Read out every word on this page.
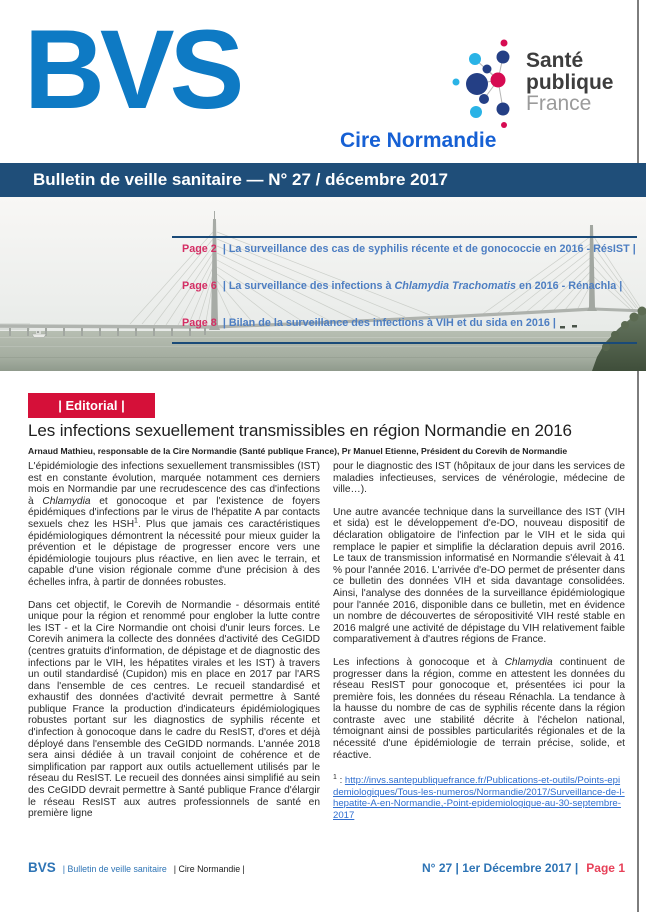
BVS	Santé
publique
France
Cire Normandie
Bulletin de veille sanitaire — N° 27 / décembre 2017
Page 2 | La surveillance des cas de syphilis récente et de gonococcie en 2016 - RésIST |
Page 6 | La surveillance des infections à Chlamydia Trachomatis en 2016 - Rénachla |
Page 8 | Bilan de la surveillance des infections à VIH et du sida en 2016 |
| Editorial |
Les infections sexuellement transmissibles en région Normandie en 2016
Arnaud Mathieu, responsable de la Cire Normandie (Santé publique France), Pr Manuel Etienne, Président du Corevih de Normandie

L'épidémiologie des infections sexuellement transmissibles (IST) est en constante évolution, marquée notamment ces derniers mois en Normandie par une recrudescence des cas d'infections à Chlamydia et gonocoque et par l'existence de foyers épidémiques d'infections par le virus de l'hépatite A par contacts sexuels chez les HSH$^1$. Plus que jamais ces caractéristiques épidémiologiques démontrent la nécessité pour mieux guider la prévention et le dépistage de progresser encore vers une épidémiologie toujours plus réactive, en lien avec le terrain, et capable d'une vision régionale comme d'une précision à des échelles infra, à partir de données robustes.

Dans cet objectif, le Corevih de Normandie - désormais entité unique pour la région et renommé pour englober la lutte contre les IST - et la Cire Normandie ont choisi d'unir leurs forces. Le Corevih animera la collecte des données d'activité des CeGIDD (centres gratuits d'information, de dépistage et de diagnostic des infections par le VIH, les hépatites virales et les IST) à travers un outil standardisé (Cupidon) mis en place en 2017 par l'ARS dans l'ensemble de ces centres. Le recueil standardisé et exhaustif des données d'activité devrait permettre à Santé publique France la production d'indicateurs épidémiologiques robustes portant sur les diagnostics de syphilis récente et d'infection à gonocoque dans le cadre du ResIST, d'ores et déjà déployé dans l'ensemble des CeGIDD normands. L'année 2018 sera ainsi dédiée à un travail conjoint de cohérence et de simplification par rapport aux outils actuellement utilisés par le réseau du ResIST. Le recueil des données ainsi simplifié au sein des CeGIDD devrait permettre à Santé publique France d'élargir le réseau ResIST aux autres professionnels de santé en première ligne

pour le diagnostic des IST (hôpitaux de jour dans les services de maladies infectieuses, services de vénérologie, médecine de ville…).

Une autre avancée technique dans la surveillance des IST (VIH et sida) est le développement d'e-DO, nouveau dispositif de déclaration obligatoire de l'infection par le VIH et le sida qui remplace le papier et simplifie la déclaration depuis avril 2016. Le taux de transmission informatisé en Normandie s'élevait à 41 % pour l'année 2016. L'arrivée d'e-DO permet de présenter dans ce bulletin des données VIH et sida davantage consolidées. Ainsi, l'analyse des données de la surveillance épidémiologique pour l'année 2016, disponible dans ce bulletin, met en évidence un nombre de découvertes de séropositivité VIH resté stable en 2016 malgré une activité de dépistage du VIH relativement faible comparativement à d'autres régions de France.

Les infections à gonocoque et à Chlamydia continuent de progresser dans la région, comme en attestent les données du réseau ResIST pour gonocoque et, présentées ici pour la première fois, les données du réseau Rénachla. La tendance à la hausse du nombre de cas de syphilis récente dans la région contraste avec une stabilité décrite à l'échelon national, témoignant ainsi de possibles particularités régionales et de la nécessité d'une épidémiologie de terrain précise, solide, et réactive.

$^1$ : http://invs.santepubliquefrance.fr/Publications-et-outils/Points-epidemiologiques/Tous-les-numeros/Normandie/2017/Surveillance-de-l-hepatite-A-en-Normandie,-Point-epidemiologique-au-30-septembre-2017

BVS | Bulletin de veille sanitaire | Cire Normandie |	N° 27 | 1er Décembre 2017 | Page 1
